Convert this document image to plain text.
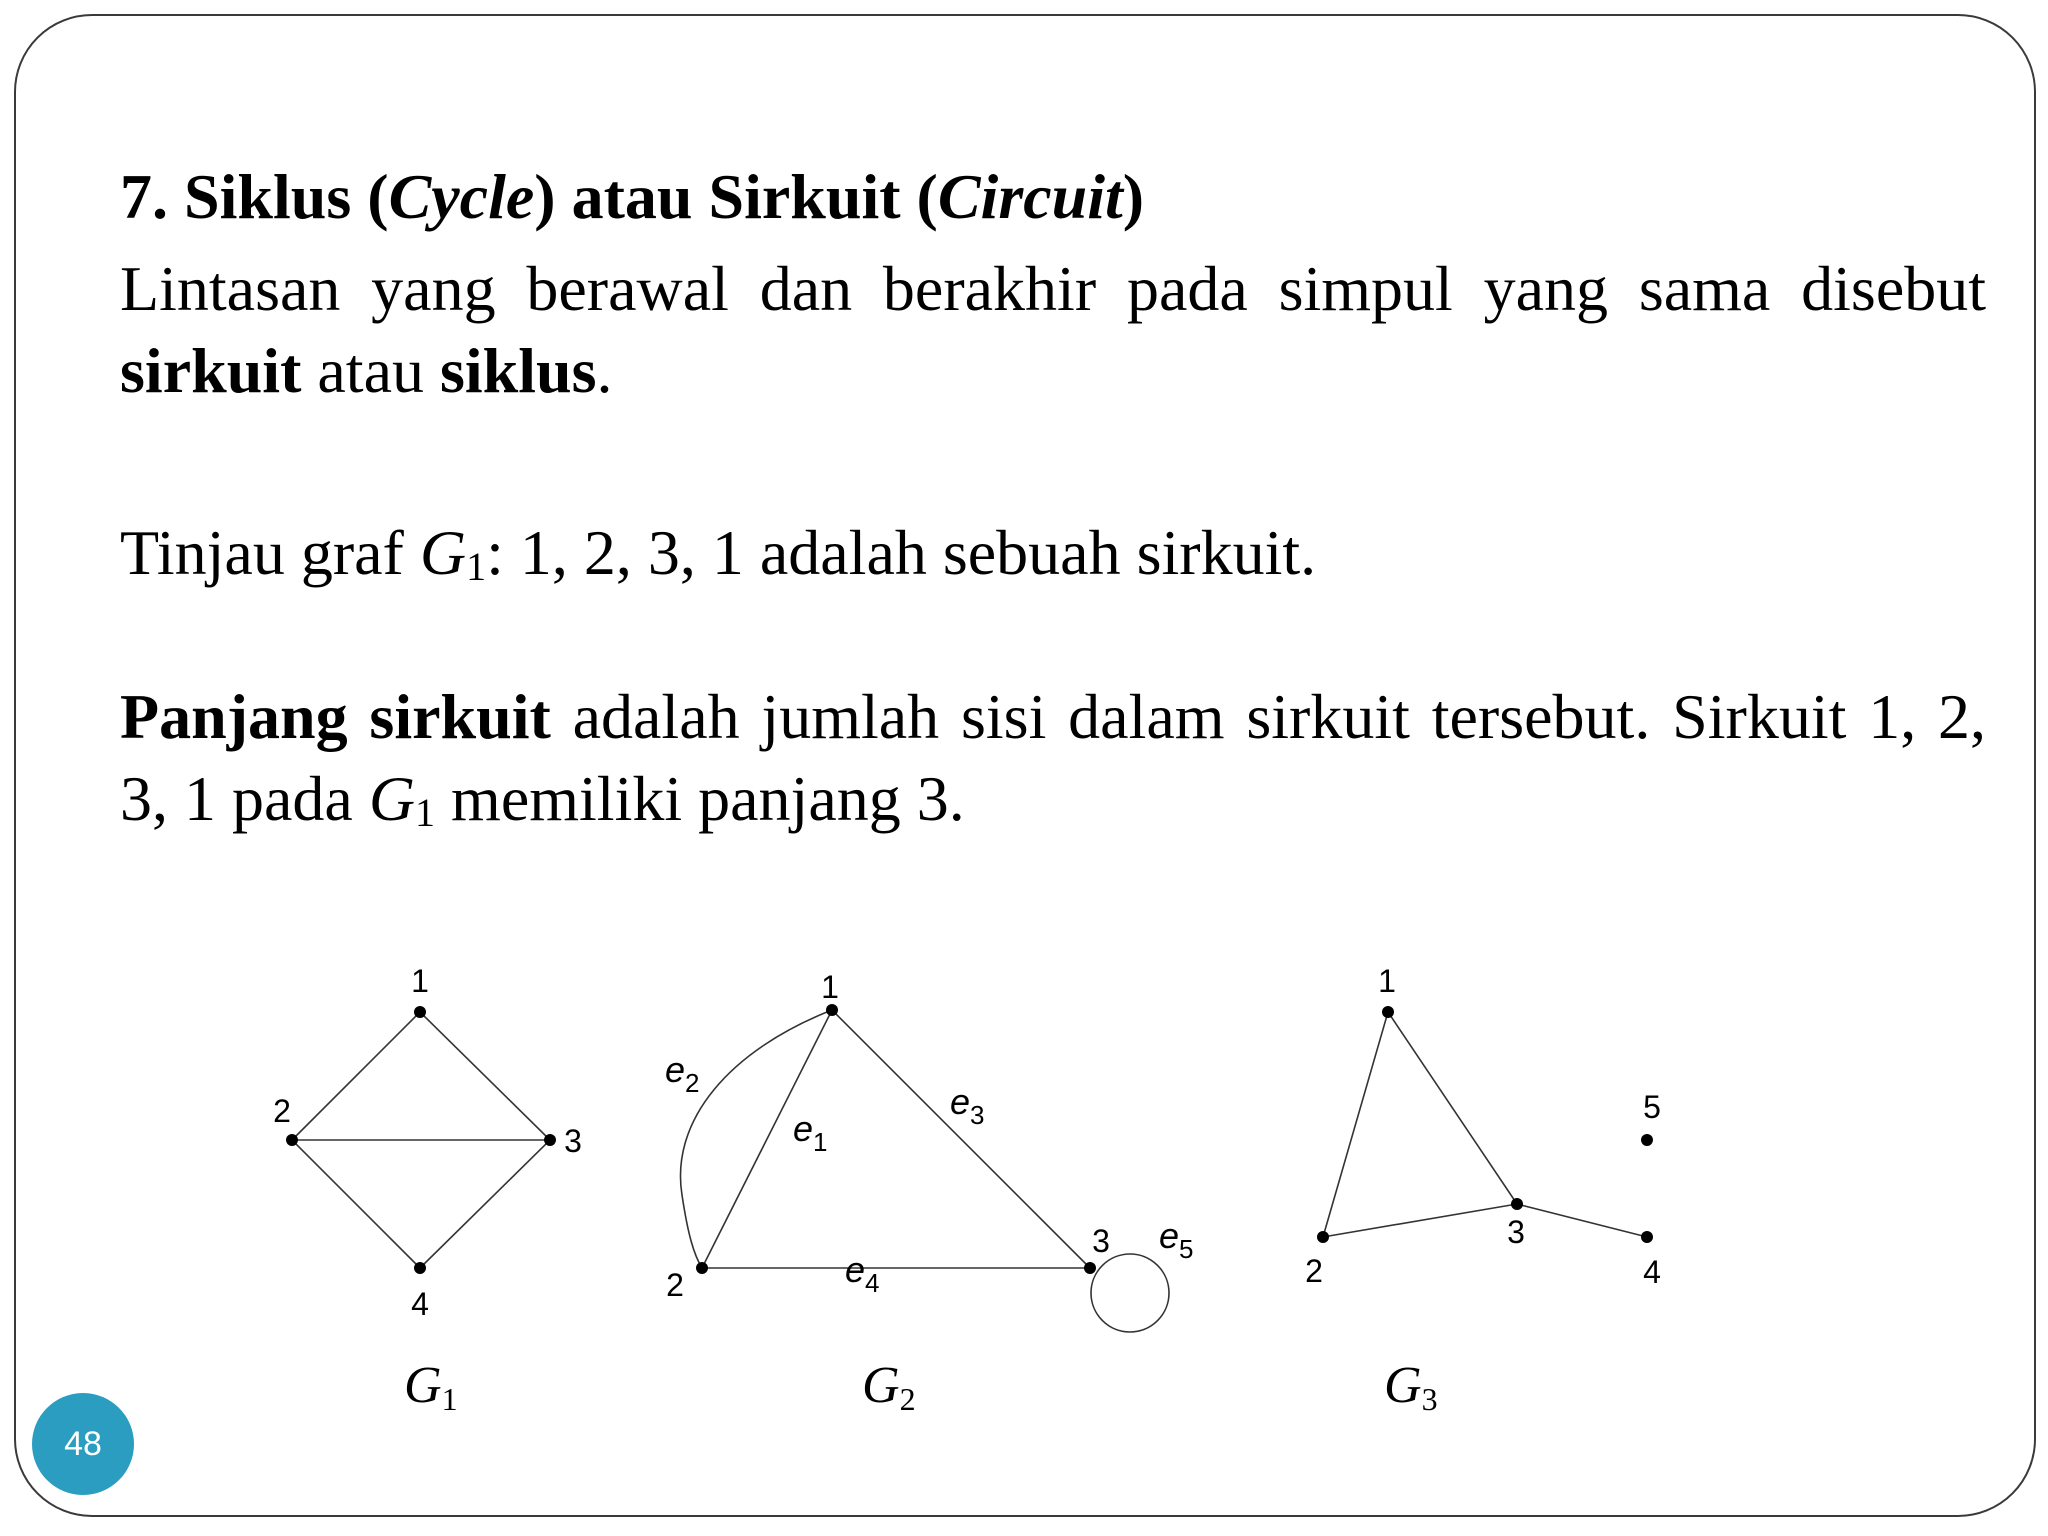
7. Siklus (Cycle) atau Sirkuit (Circuit)

Lintasan yang berawal dan berakhir pada simpul yang sama disebut sirkuit atau siklus.

Tinjau graf $G_1$: 1, 2, 3, 1 adalah sebuah sirkuit.

Panjang sirkuit adalah jumlah sisi dalam sirkuit tersebut. Sirkuit 1, 2, 3, 1 pada $G_1$ memiliki panjang 3.

1
2
3
4
G1
1
2
3
$e_2$
$e_1$
$e_3$
$e_4$
$e_5$
G2
1
2
3
4
5
G3
48
